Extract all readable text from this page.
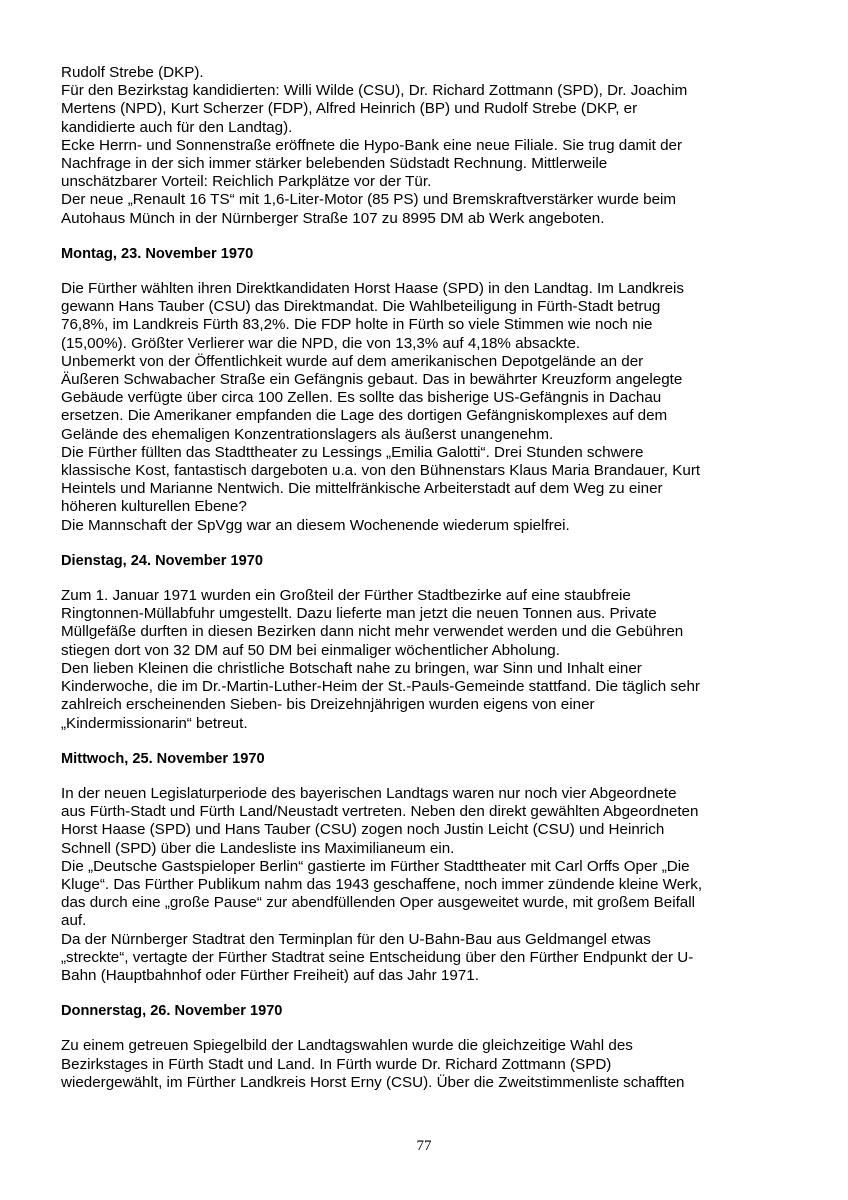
Rudolf Strebe (DKP).
Für den Bezirkstag kandidierten: Willi Wilde (CSU), Dr. Richard Zottmann (SPD), Dr. Joachim
Mertens (NPD), Kurt Scherzer (FDP), Alfred Heinrich (BP) und Rudolf Strebe (DKP, er
kandidierte auch für den Landtag).
Ecke Herrn- und Sonnenstraße eröffnete die Hypo-Bank eine neue Filiale. Sie trug damit der
Nachfrage in der sich immer stärker belebenden Südstadt Rechnung. Mittlerweile
unschätzbarer Vorteil: Reichlich Parkplätze vor der Tür.
Der neue „Renault 16 TS“ mit 1,6-Liter-Motor (85 PS) und Bremskraftverstärker wurde beim
Autohaus Münch in der Nürnberger Straße 107 zu 8995 DM ab Werk angeboten.

Montag, 23. November 1970

Die Fürther wählten ihren Direktkandidaten Horst Haase (SPD) in den Landtag. Im Landkreis
gewann Hans Tauber (CSU) das Direktmandat. Die Wahlbeteiligung in Fürth-Stadt betrug
76,8%, im Landkreis Fürth 83,2%. Die FDP holte in Fürth so viele Stimmen wie noch nie
(15,00%). Größter Verlierer war die NPD, die von 13,3% auf 4,18% absackte.
Unbemerkt von der Öffentlichkeit wurde auf dem amerikanischen Depotgelände an der
Äußeren Schwabacher Straße ein Gefängnis gebaut. Das in bewährter Kreuzform angelegte
Gebäude verfügte über circa 100 Zellen. Es sollte das bisherige US-Gefängnis in Dachau
ersetzen. Die Amerikaner empfanden die Lage des dortigen Gefängniskomplexes auf dem
Gelände des ehemaligen Konzentrationslagers als äußerst unangenehm.
Die Fürther füllten das Stadttheater zu Lessings „Emilia Galotti“. Drei Stunden schwere
klassische Kost, fantastisch dargeboten u.a. von den Bühnenstars Klaus Maria Brandauer, Kurt
Heintels und Marianne Nentwich. Die mittelfränkische Arbeiterstadt auf dem Weg zu einer
höheren kulturellen Ebene?
Die Mannschaft der SpVgg war an diesem Wochenende wiederum spielfrei.

Dienstag, 24. November 1970

Zum 1. Januar 1971 wurden ein Großteil der Fürther Stadtbezirke auf eine staubfreie
Ringtonnen-Müllabfuhr umgestellt. Dazu lieferte man jetzt die neuen Tonnen aus. Private
Müllgefäße durften in diesen Bezirken dann nicht mehr verwendet werden und die Gebühren
stiegen dort von 32 DM auf 50 DM bei einmaliger wöchentlicher Abholung.
Den lieben Kleinen die christliche Botschaft nahe zu bringen, war Sinn und Inhalt einer
Kinderwoche, die im Dr.-Martin-Luther-Heim der St.-Pauls-Gemeinde stattfand. Die täglich sehr
zahlreich erscheinenden Sieben- bis Dreizehnjährigen wurden eigens von einer
„Kindermissionarin“ betreut.

Mittwoch, 25. November 1970

In der neuen Legislaturperiode des bayerischen Landtags waren nur noch vier Abgeordnete
aus Fürth-Stadt und Fürth Land/Neustadt vertreten. Neben den direkt gewählten Abgeordneten
Horst Haase (SPD) und Hans Tauber (CSU) zogen noch Justin Leicht (CSU) und Heinrich
Schnell (SPD) über die Landesliste ins Maximilianeum ein.
Die „Deutsche Gastspieloper Berlin“ gastierte im Fürther Stadttheater mit Carl Orffs Oper „Die
Kluge“. Das Fürther Publikum nahm das 1943 geschaffene, noch immer zündende kleine Werk,
das durch eine „große Pause“ zur abendfüllenden Oper ausgeweitet wurde, mit großem Beifall
auf.
Da der Nürnberger Stadtrat den Terminplan für den U-Bahn-Bau aus Geldmangel etwas
„streckte“, vertagte der Fürther Stadtrat seine Entscheidung über den Fürther Endpunkt der U-
Bahn (Hauptbahnhof oder Fürther Freiheit) auf das Jahr 1971.

Donnerstag, 26. November 1970

Zu einem getreuen Spiegelbild der Landtagswahlen wurde die gleichzeitige Wahl des
Bezirkstages in Fürth Stadt und Land. In Fürth wurde Dr. Richard Zottmann (SPD)
wiedergewählt, im Fürther Landkreis Horst Erny (CSU). Über die Zweitstimmenliste schafften

77
